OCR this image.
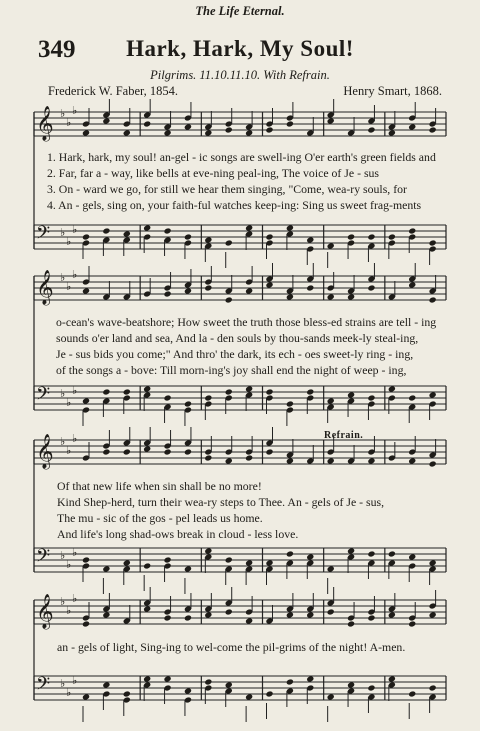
The Life Eternal.
349	Hark, Hark, My Soul!
Pilgrims. 11.10.11.10. With Refrain.
Frederick W. Faber, 1854.	Henry Smart, 1868.
𝄞 ♭
♭
♭
𝄢 ♭
♭
♭
𝄞 ♭
♭
♭
𝄢 ♭
♭
♭
𝄞 ♭
♭
♭
𝄢 ♭
♭
♭
𝄞 ♭
♭
♭
𝄢 ♭
♭
♭
1. Hark, hark, my soul! an-gel - ic songs are swell-ing O'er earth's green fields and
2. Far, far a - way, like bells at eve-ning peal-ing, The voice of Je - sus
3. On - ward we go, for still we hear them singing, "Come, wea-ry souls, for
4. An - gels, sing on, your faith-ful watches keep-ing: Sing us sweet frag-ments
o-cean's wave-beatshore; How sweet the truth those bless-ed strains are tell - ing
sounds o'er land and sea, And la - den souls by thou-sands meek-ly steal-ing,
Je - sus bids you come;" And thro' the dark, its ech - oes sweet-ly ring - ing,
of the songs a - bove: Till morn-ing's joy shall end the night of weep - ing,
Refrain.
Of that new life when sin shall be no more!
Kind Shep-herd, turn their wea-ry steps to Thee. An - gels of Je - sus,
The mu - sic of the gos - pel leads us home.
And life's long shad-ows break in cloud - less love.
an - gels of light, Sing-ing to wel-come the pil-grims of the night! A-men.
